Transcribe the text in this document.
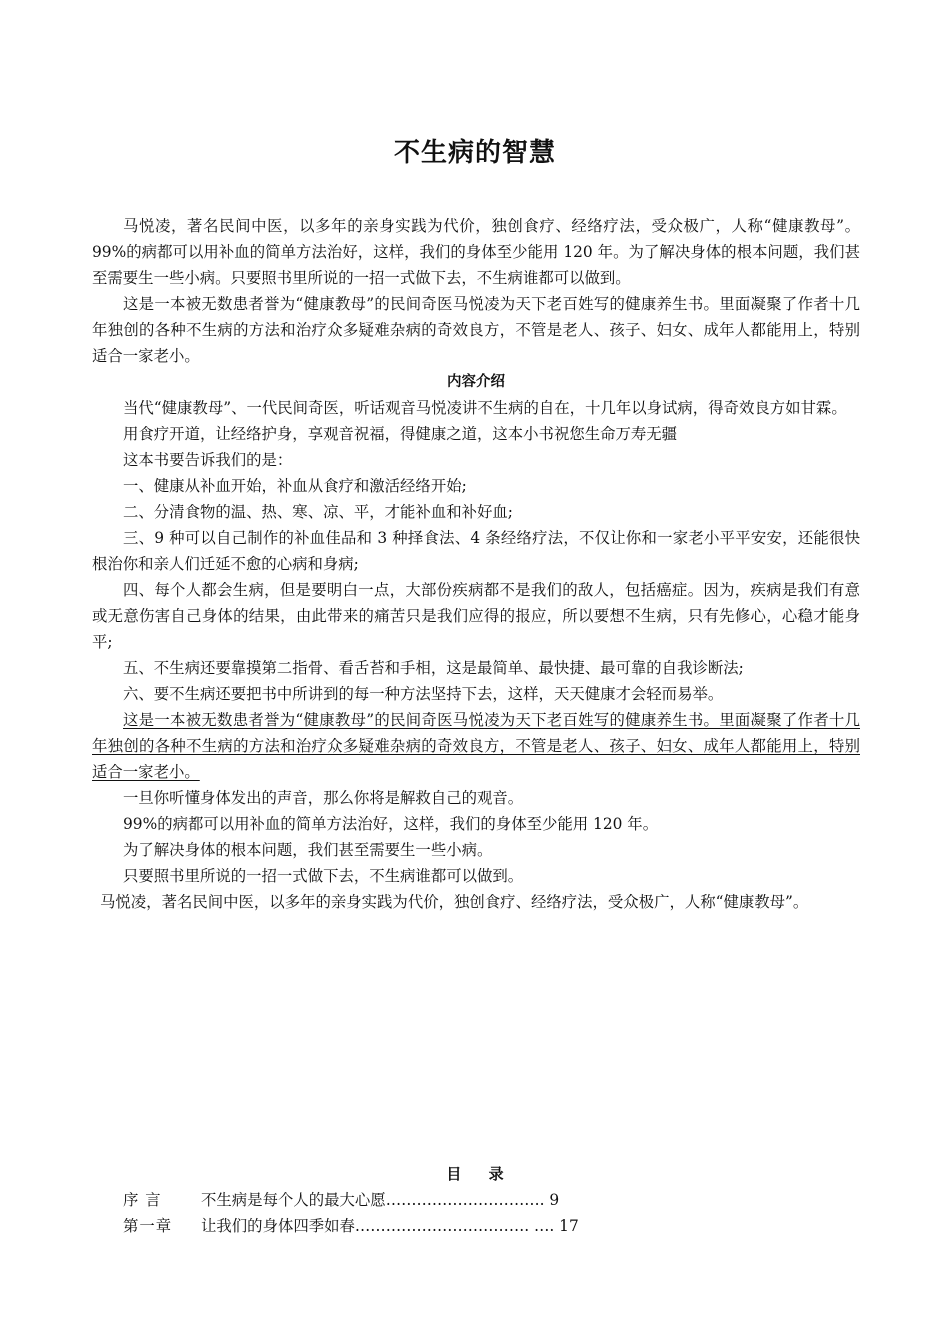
不生病的智慧

马悦凌，著名民间中医，以多年的亲身实践为代价，独创食疗、经络疗法，受众极广，人称“健康教母”。99%的病都可以用补血的简单方法治好，这样，我们的身体至少能用 120 年。为了解决身体的根本问题，我们甚至需要生一些小病。只要照书里所说的一招一式做下去，不生病谁都可以做到。

这是一本被无数患者誉为“健康教母”的民间奇医马悦凌为天下老百姓写的健康养生书。里面凝聚了作者十几年独创的各种不生病的方法和治疗众多疑难杂病的奇效良方，不管是老人、孩子、妇女、成年人都能用上，特别适合一家老小。

内容介绍

当代“健康教母”、一代民间奇医，听话观音马悦凌讲不生病的自在，十几年以身试病，得奇效良方如甘霖。

用食疗开道，让经络护身，享观音祝福，得健康之道，这本小书祝您生命万寿无疆

这本书要告诉我们的是：

一、健康从补血开始，补血从食疗和激活经络开始;

二、分清食物的温、热、寒、凉、平，才能补血和补好血;

三、9 种可以自己制作的补血佳品和 3 种择食法、4 条经络疗法，不仅让你和一家老小平平安安，还能很快根治你和亲人们迁延不愈的心病和身病;

四、每个人都会生病，但是要明白一点，大部份疾病都不是我们的敌人，包括癌症。因为，疾病是我们有意或无意伤害自己身体的结果，由此带来的痛苦只是我们应得的报应，所以要想不生病，只有先修心，心稳才能身平;

五、不生病还要靠摸第二指骨、看舌苔和手相，这是最简单、最快捷、最可靠的自我诊断法;

六、要不生病还要把书中所讲到的每一种方法坚持下去，这样，天天健康才会轻而易举。

这是一本被无数患者誉为“健康教母”的民间奇医马悦凌为天下老百姓写的健康养生书。里面凝聚了作者十几年独创的各种不生病的方法和治疗众多疑难杂病的奇效良方，不管是老人、孩子、妇女、成年人都能用上，特别适合一家老小。

一旦你听懂身体发出的声音，那么你将是解救自己的观音。

99%的病都可以用补血的简单方法治好，这样，我们的身体至少能用 120 年。

为了解决身体的根本问题，我们甚至需要生一些小病。

只要照书里所说的一招一式做下去，不生病谁都可以做到。

马悦凌，著名民间中医，以多年的亲身实践为代价，独创食疗、经络疗法，受众极广，人称“健康教母”。

目 录
序 言	不生病是每个人的最大心愿…………………………. 9
第一章 让我们的身体四季如春……………………………. …. 17
